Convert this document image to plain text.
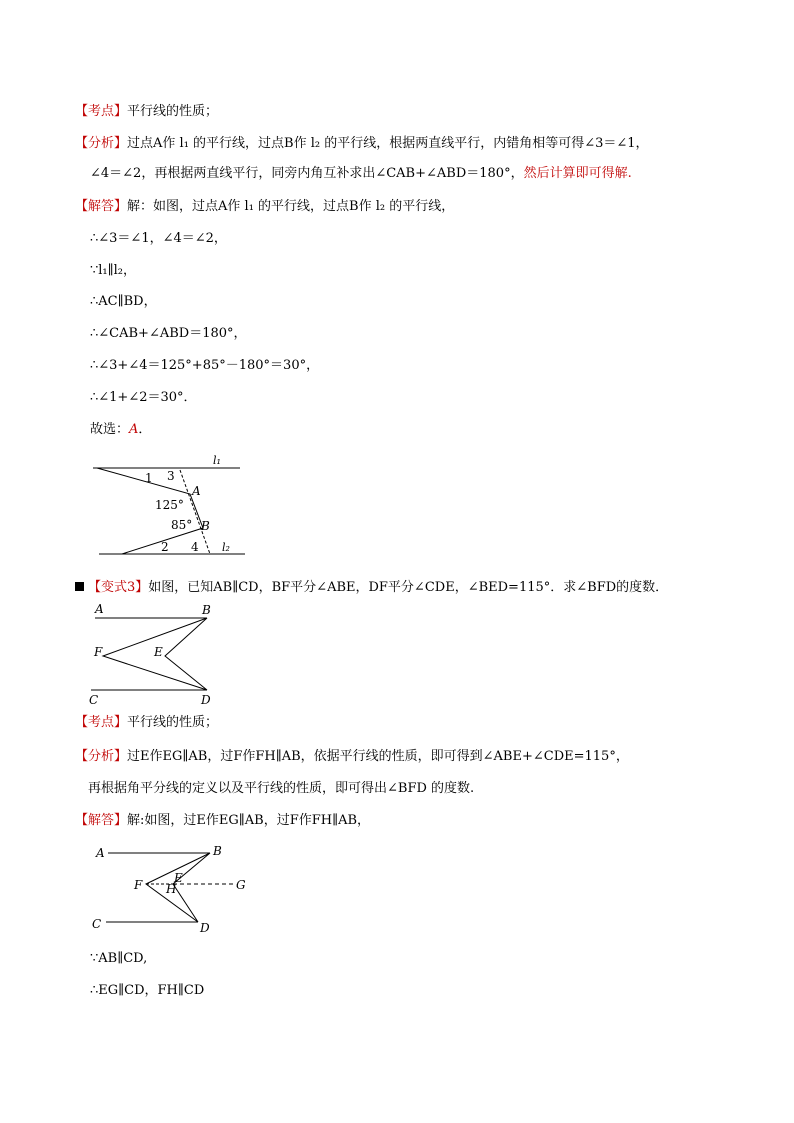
【考点】平行线的性质；
【分析】过点A作 l₁ 的平行线，过点B作 l₂ 的平行线，根据两直线平行，内错角相等可得∠3＝∠1，
∠4＝∠2，再根据两直线平行，同旁内角互补求出∠CAB+∠ABD＝180°，然后计算即可得解.
【解答】解：如图，过点A作 l₁ 的平行线，过点B作 l₂ 的平行线，
∴∠3＝∠1，∠4＝∠2，
∵l₁∥l₂，
∴AC∥BD，
∴∠CAB+∠ABD＝180°，
∴∠3+∠4＝125°+85°－180°＝30°，
∴∠1+∠2＝30°．
故选：A．
l₁
1 3
A
125°
85° B
2 4 l₂
【变式3】如图，已知AB∥CD，BF平分∠ABE，DF平分∠CDE，∠BED=115°．求∠BFD的度数．
A	B
F	E
C	D
【考点】平行线的性质；
【分析】过E作EG∥AB，过F作FH∥AB，依据平行线的性质，即可得到∠ABE+∠CDE=115°，
再根据角平分线的定义以及平行线的性质，即可得出∠BFD 的度数.
【解答】解:如图，过E作EG∥AB，过F作FH∥AB，
A	B
F	E
H	G
C	D
∵AB∥CD,
∴EG∥CD，FH∥CD
